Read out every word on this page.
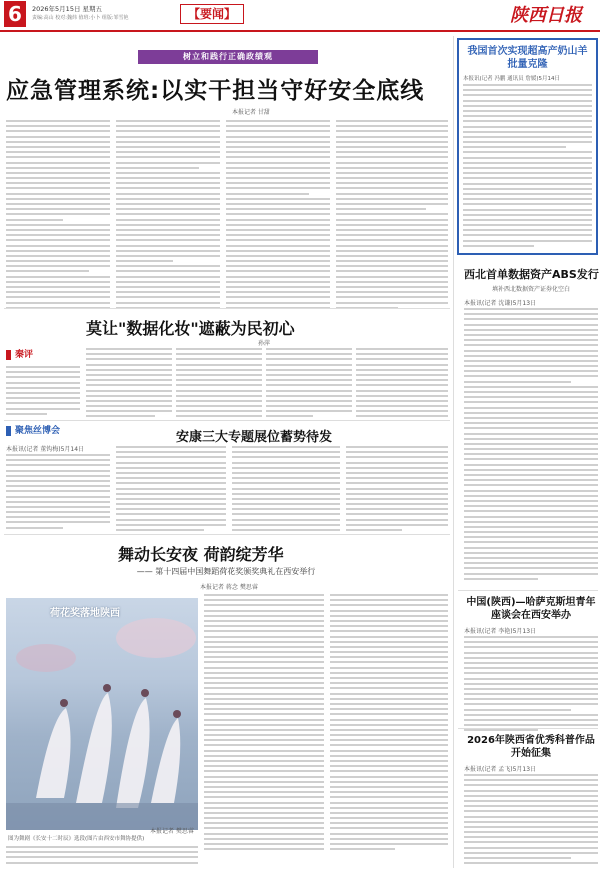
6	2026年5月15日 星期五
责编:高山 校对:魏炜 值班:小卜 组版:邹雪艳	【要闻】	陕西日报
树立和践行正确政绩观
应急管理系统:以实干担当守好安全底线
本报记者 甘甜
我国首次实现超高产奶山羊批量克隆
本报讯(记者 冯鹏 通讯员 詹媛)5月14日
西北首单数据资产ABS发行
填补西北数据资产证券化空白
本报讯(记者 沈谦)5月13日
中国(陕西)—哈萨克斯坦青年座谈会在西安举办
本报讯(记者 李艳)5月13日
2026年陕西省优秀科普作品开始征集
本报讯(记者 孟飞)5月13日
莫让"数据化妆"遮蔽为民初心
孙萍
秦评
聚焦丝博会	安康三大专题展位蓄势待发
本报讯(记者 董钩梅)5月14日
舞动长安夜 荷韵绽芳华
—— 第十四届中国舞蹈荷花奖颁奖典礼在西安举行
本报记者 蒋念 樊思睿
荷花奖落地陕西
图为舞剧《长安十二时辰》选段(图片由西安市舞协提供)
本报记者 樊思睿
